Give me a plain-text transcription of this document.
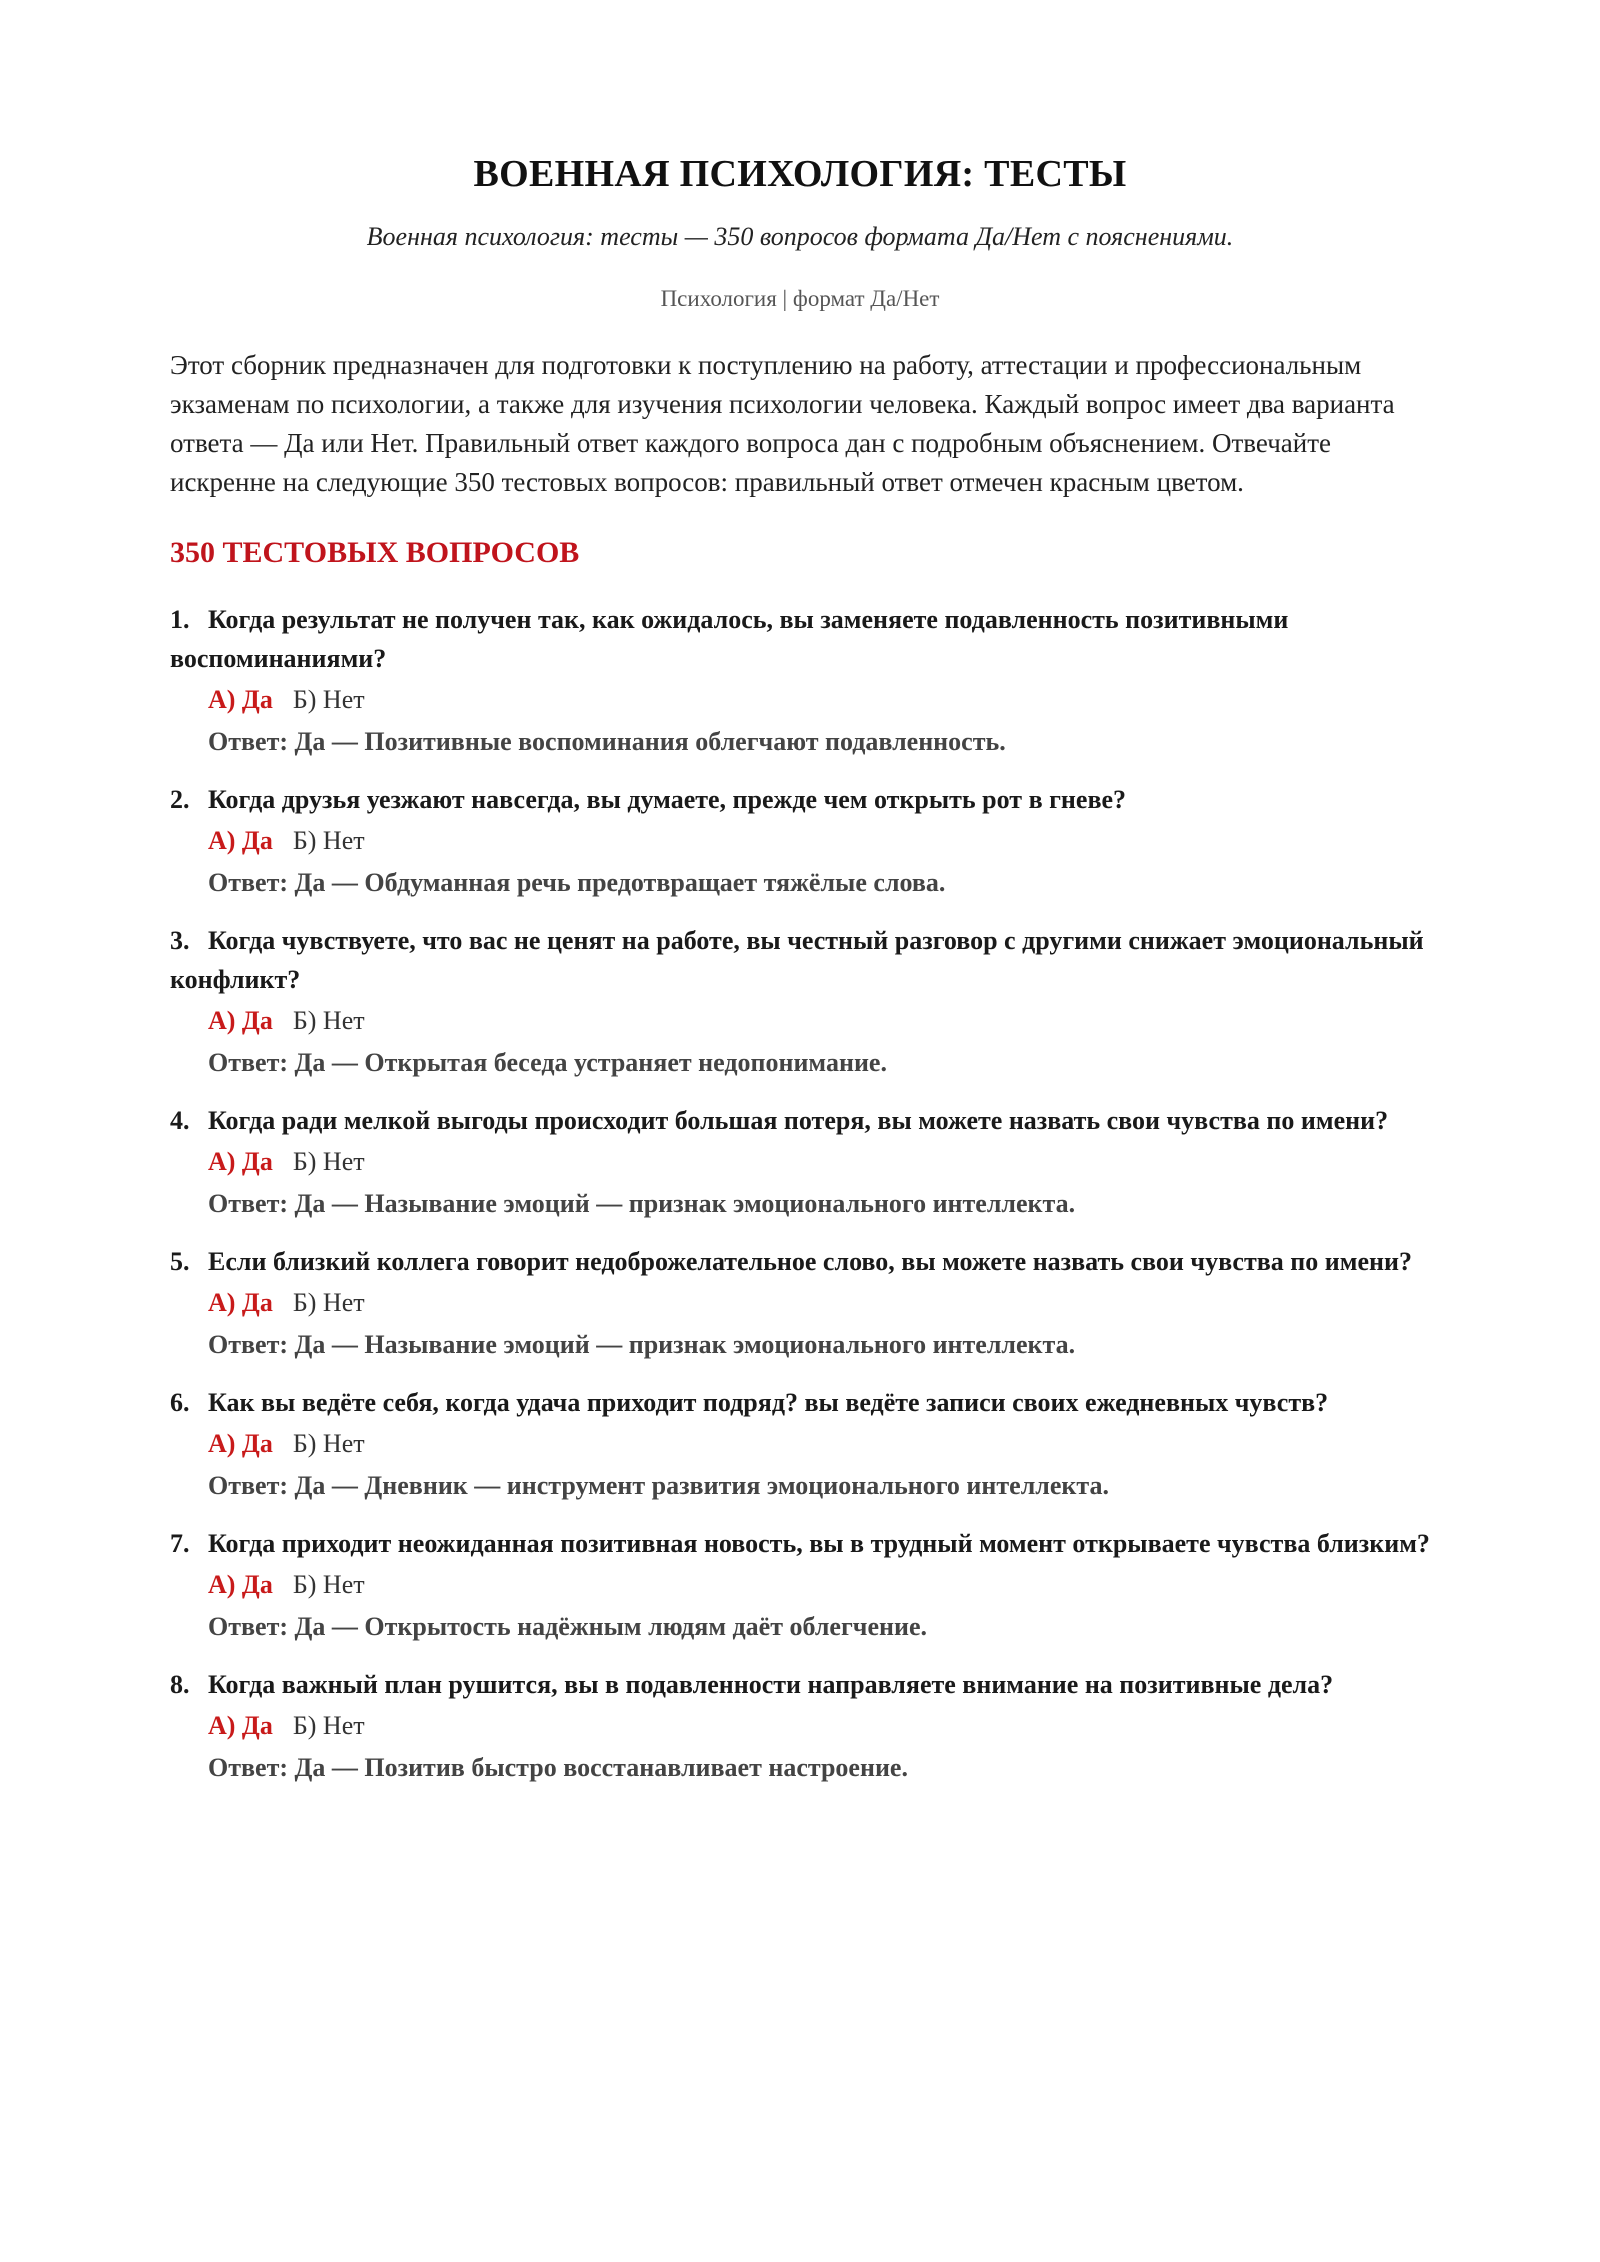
ВОЕННАЯ ПСИХОЛОГИЯ: ТЕСТЫ

Военная психология: тесты — 350 вопросов формата Да/Нет с пояснениями.

Психология | формат Да/Нет

Этот сборник предназначен для подготовки к поступлению на работу, аттестации и профессиональным экзаменам по психологии, а также для изучения психологии человека. Каждый вопрос имеет два варианта ответа — Да или Нет. Правильный ответ каждого вопроса дан с подробным объяснением. Отвечайте искренне на следующие 350 тестовых вопросов: правильный ответ отмечен красным цветом.

350 ТЕСТОВЫХ ВОПРОСОВ
1. Когда результат не получен так, как ожидалось, вы заменяете подавленность позитивными воспоминаниями?
А) Да Б) Нет
Ответ: Да — Позитивные воспоминания облегчают подавленность.
2. Когда друзья уезжают навсегда, вы думаете, прежде чем открыть рот в гневе?
А) Да Б) Нет
Ответ: Да — Обдуманная речь предотвращает тяжёлые слова.
3. Когда чувствуете, что вас не ценят на работе, вы честный разговор с другими снижает эмоциональный конфликт?
А) Да Б) Нет
Ответ: Да — Открытая беседа устраняет недопонимание.
4. Когда ради мелкой выгоды происходит большая потеря, вы можете назвать свои чувства по имени?
А) Да Б) Нет
Ответ: Да — Называние эмоций — признак эмоционального интеллекта.
5. Если близкий коллега говорит недоброжелательное слово, вы можете назвать свои чувства по имени?
А) Да Б) Нет
Ответ: Да — Называние эмоций — признак эмоционального интеллекта.
6. Как вы ведёте себя, когда удача приходит подряд? вы ведёте записи своих ежедневных чувств?
А) Да Б) Нет
Ответ: Да — Дневник — инструмент развития эмоционального интеллекта.
7. Когда приходит неожиданная позитивная новость, вы в трудный момент открываете чувства близким?
А) Да Б) Нет
Ответ: Да — Открытость надёжным людям даёт облегчение.
8. Когда важный план рушится, вы в подавленности направляете внимание на позитивные дела?
А) Да Б) Нет
Ответ: Да — Позитив быстро восстанавливает настроение.
